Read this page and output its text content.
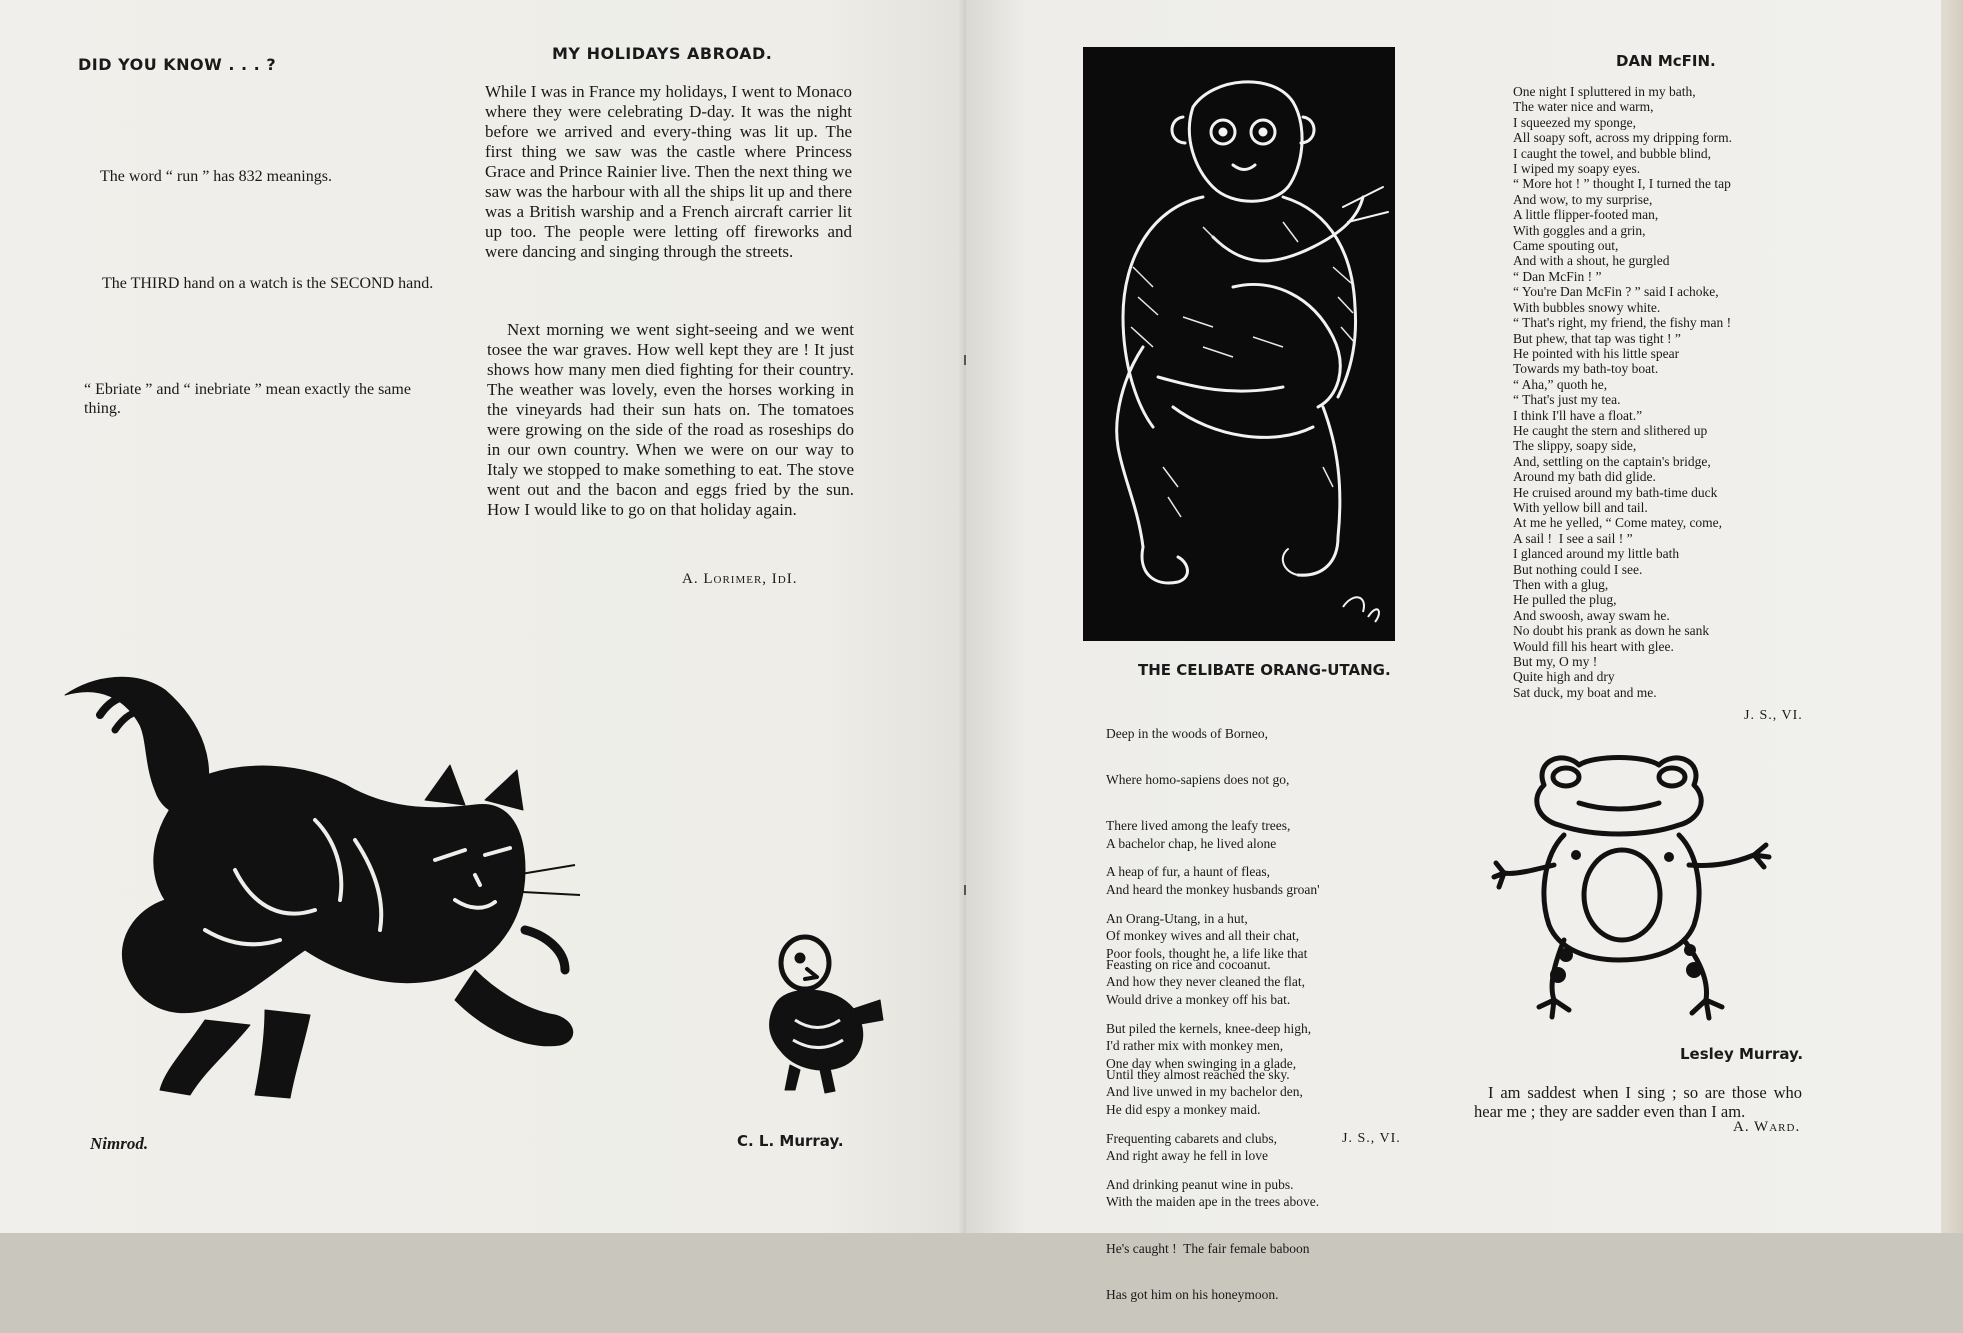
DID YOU KNOW . . . ?
The word “ run ” has 832 meanings.
The THIRD hand on a watch is the SECOND hand.
“ Ebriate ” and “ inebriate ” mean exactly the same thing.
MY HOLIDAYS ABROAD.
While I was in France my holidays, I went to Monaco where they were celebrating D-day. It was the night before we arrived and every-thing was lit up. The first thing we saw was the castle where Princess Grace and Prince Rainier live. Then the next thing we saw was the harbour with all the ships lit up and there was a British warship and a French aircraft carrier lit up too. The people were letting off fireworks and were dancing and singing through the streets.
Next morning we went sight-seeing and we went tosee the war graves. How well kept they are ! It just shows how many men died fighting for their country. The weather was lovely, even the horses working in the vineyards had their sun hats on. The tomatoes were growing on the side of the road as roseships do in our own country. When we were on our way to Italy we stopped to make something to eat. The stove went out and the bacon and eggs fried by the sun. How I would like to go on that holiday again.
A. Lorimer, IdI.
Nimrod.	C. L. Murray.
THE CELIBATE ORANG-UTANG.

Deep in the woods of Borneo,

Where homo-sapiens does not go,

There lived among the leafy trees,

A heap of fur, a haunt of fleas,

An Orang-Utang, in a hut,

Feasting on rice and cocoanut.

A bachelor chap, he lived alone

And heard the monkey husbands groan'

Of monkey wives and all their chat,

And how they never cleaned the flat,

But piled the kernels, knee-deep high,

Until they almost reached the sky.

Poor fools, thought he, a life like that

Would drive a monkey off his bat.

I'd rather mix with monkey men,

And live unwed in my bachelor den,

Frequenting cabarets and clubs,

And drinking peanut wine in pubs.

One day when swinging in a glade,

He did espy a monkey maid.

And right away he fell in love

With the maiden ape in the trees above.

He's caught !  The fair female baboon

Has got him on his honeymoon.

J. S., VI.
DAN McFIN.
One night I spluttered in my bath,
The water nice and warm,
I squeezed my sponge,
All soapy soft, across my dripping form.
I caught the towel, and bubble blind,
I wiped my soapy eyes.
“ More hot ! ” thought I, I turned the tap
And wow, to my surprise,
A little flipper-footed man,
With goggles and a grin,
Came spouting out,
And with a shout, he gurgled
“ Dan McFin ! ”
“ You're Dan McFin ? ” said I achoke,
With bubbles snowy white.
“ That's right, my friend, the fishy man !
But phew, that tap was tight ! ”
He pointed with his little spear
Towards my bath-toy boat.
“ Aha,” quoth he,
“ That's just my tea.
I think I'll have a float.”
He caught the stern and slithered up
The slippy, soapy side,
And, settling on the captain's bridge,
Around my bath did glide.
He cruised around my bath-time duck
With yellow bill and tail.
At me he yelled, “ Come matey, come,
A sail !  I see a sail ! ”
I glanced around my little bath
But nothing could I see.
Then with a glug,
He pulled the plug,
And swoosh, away swam he.
No doubt his prank as down he sank
Would fill his heart with glee.
But my, O my !
Quite high and dry
Sat duck, my boat and me.
J. S., VI.
Lesley Murray.
I am saddest when I sing ; so are those who hear me ; they are sadder even than I am.
A. Ward.
